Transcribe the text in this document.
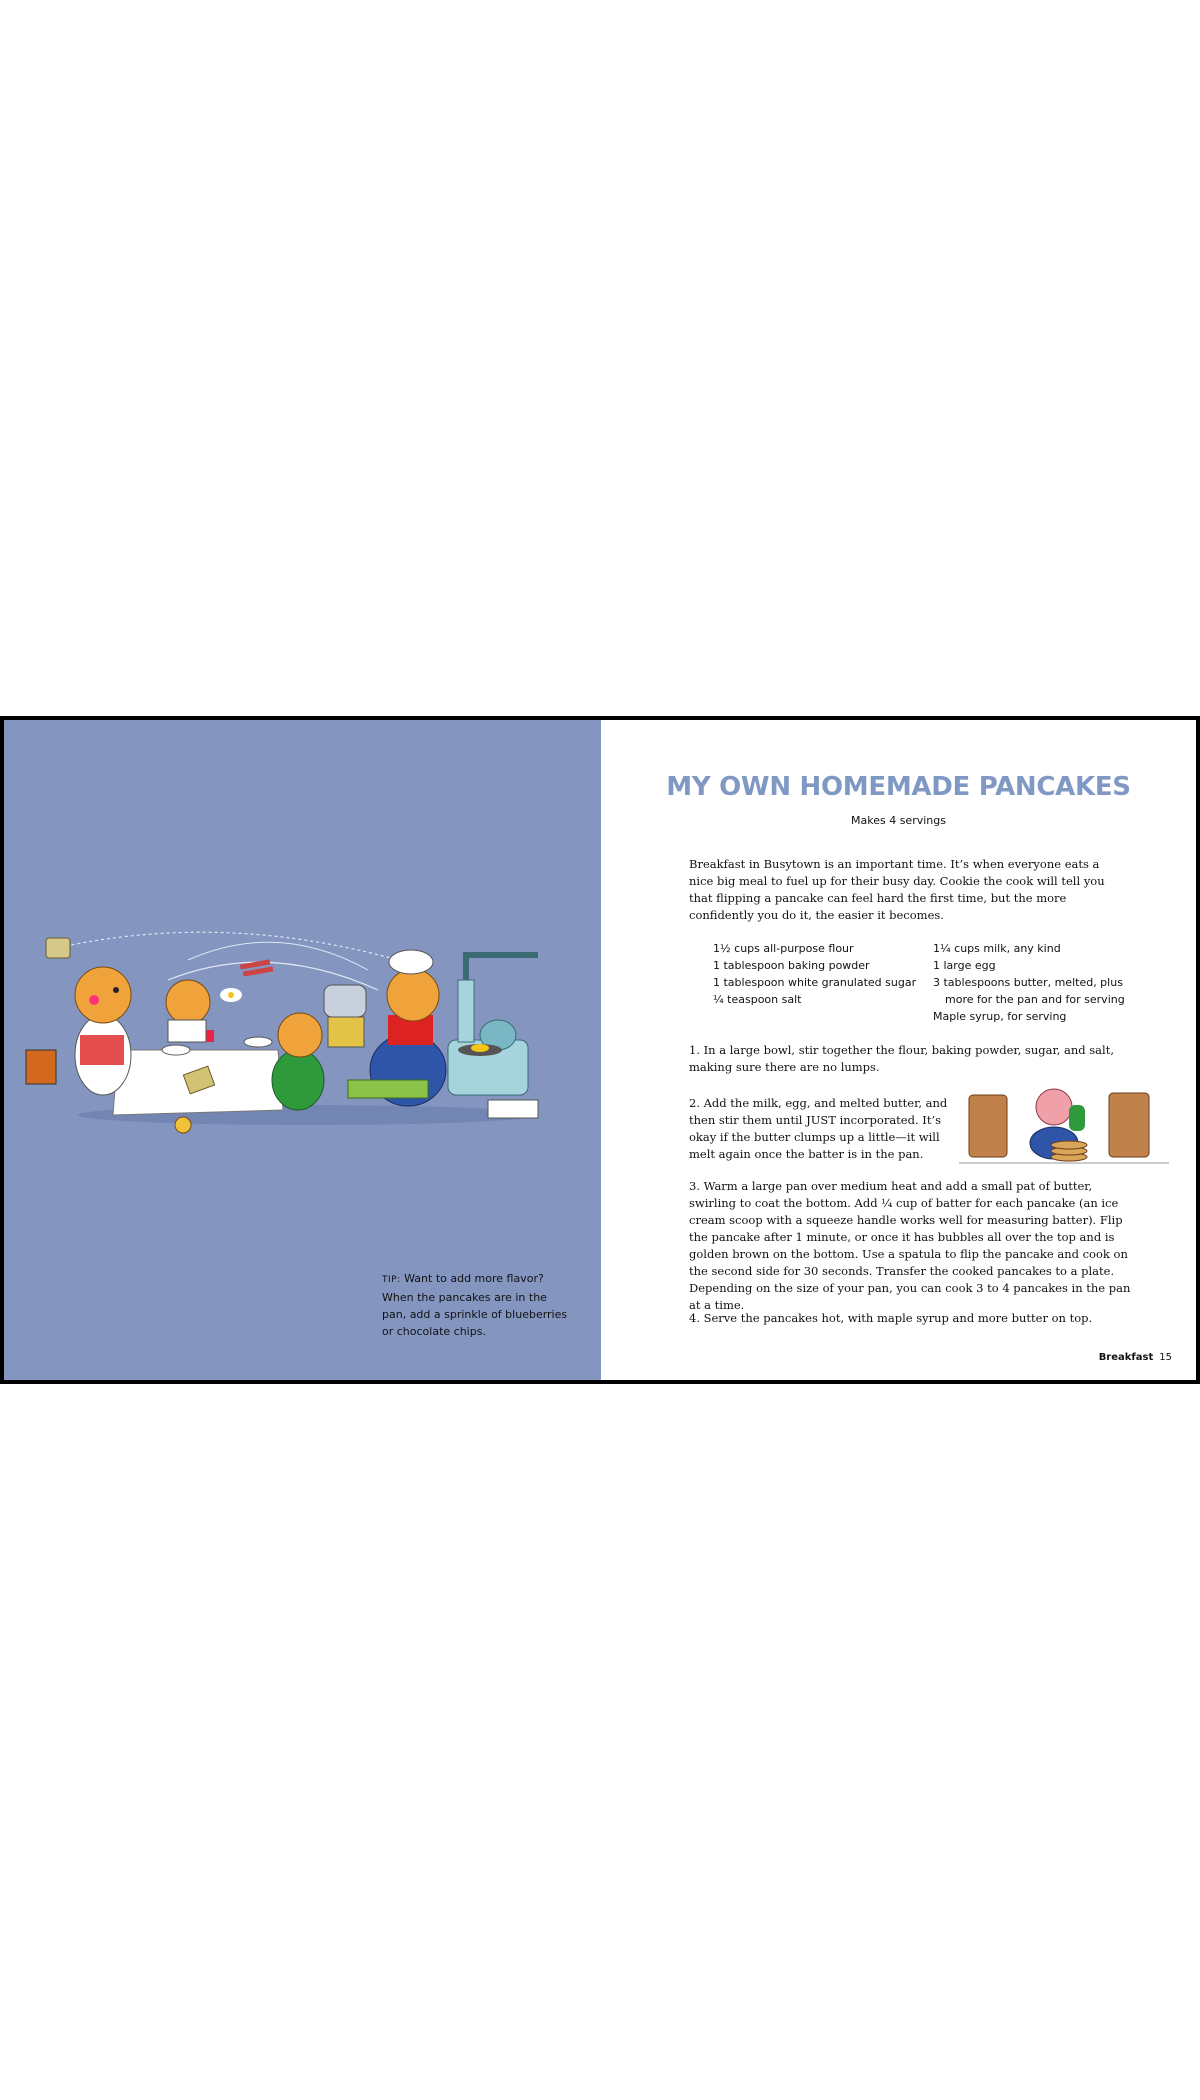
TIP: Want to add more flavor? When the pancakes are in the pan, add a sprinkle of blueberries or chocolate chips.
MY OWN HOMEMADE PANCAKES
Makes 4 servings

Breakfast in Busytown is an important time. It’s when everyone eats a nice big meal to fuel up for their busy day. Cookie the cook will tell you that flipping a pancake can feel hard the first time, but the more confidently you do it, the easier it becomes.

1½ cups all-purpose flour
1 tablespoon baking powder
1 tablespoon white granulated sugar
¼ teaspoon salt
1¼ cups milk, any kind
1 large egg
3 tablespoons butter, melted, plus more for the pan and for serving
Maple syrup, for serving

1. In a large bowl, stir together the flour, baking powder, sugar, and salt, making sure there are no lumps.

2. Add the milk, egg, and melted butter, and then stir them until JUST incorporated. It’s okay if the butter clumps up a little—it will melt again once the batter is in the pan.

3. Warm a large pan over medium heat and add a small pat of butter, swirling to coat the bottom. Add ¼ cup of batter for each pancake (an ice cream scoop with a squeeze handle works well for measuring batter). Flip the pancake after 1 minute, or once it has bubbles all over the top and is golden brown on the bottom. Use a spatula to flip the pancake and cook on the second side for 30 seconds. Transfer the cooked pancakes to a plate. Depending on the size of your pan, you can cook 3 to 4 pancakes in the pan at a time.

4. Serve the pancakes hot, with maple syrup and more butter on top.

Breakfast 15
